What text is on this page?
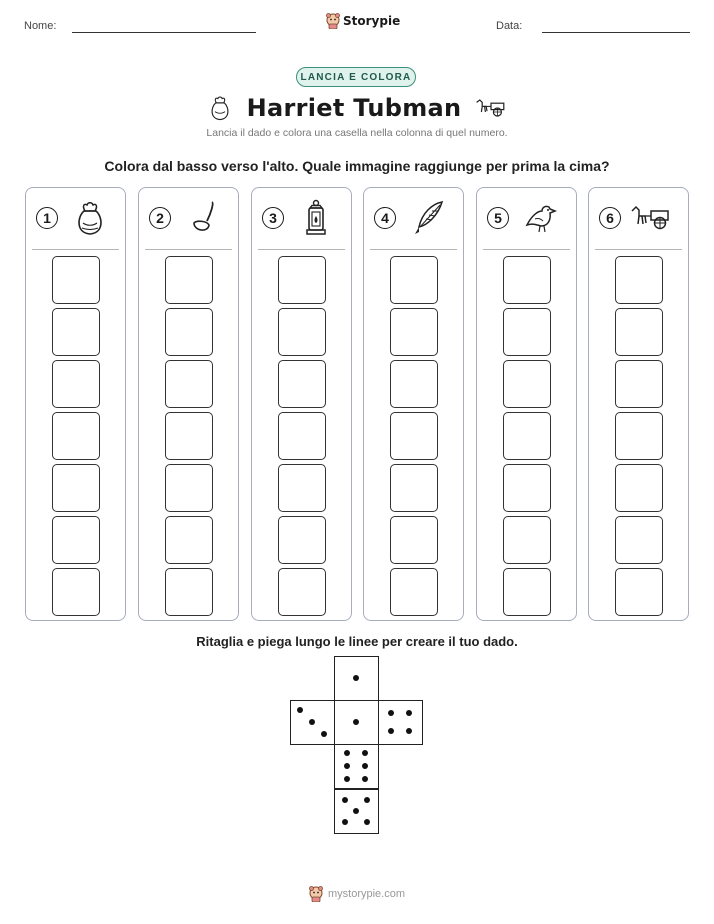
Nome:	Storypie	Data:
LANCIA E COLORA
Harriet Tubman
Lancia il dado e colora una casella nella colonna di quel numero.
Colora dal basso verso l'alto. Quale immagine raggiunge per prima la cima?
1	2	3	4	5	6
Ritaglia e piega lungo le linee per creare il tuo dado.
mystorypie.com
